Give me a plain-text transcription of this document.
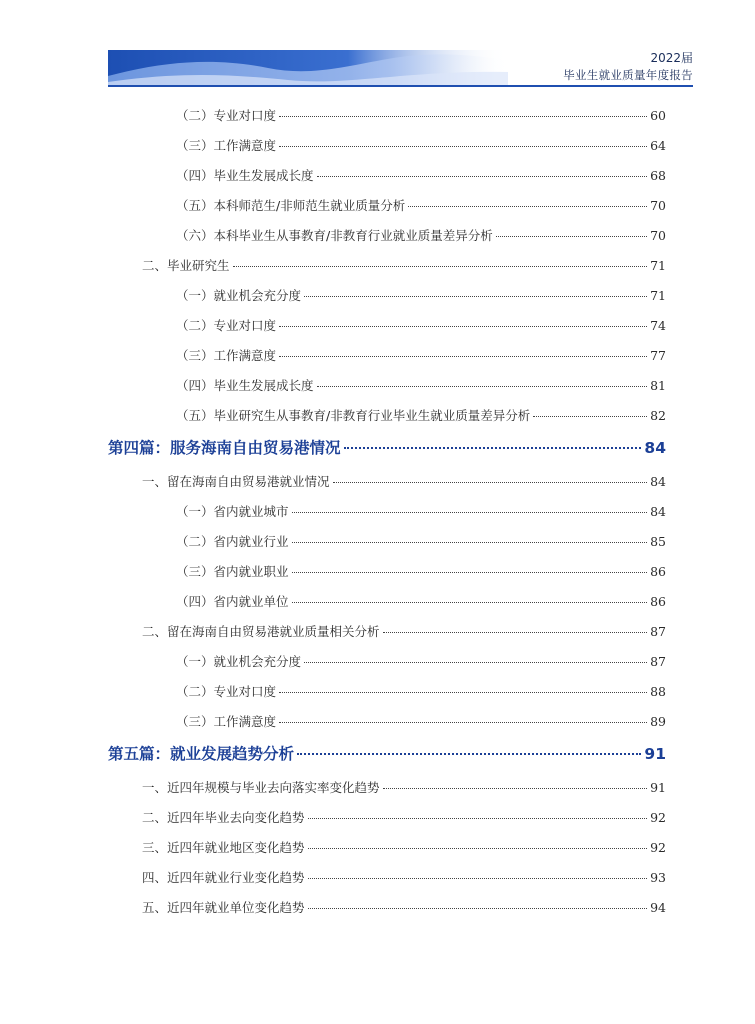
2022届
毕业生就业质量年度报告
（二）专业对口度	60
（三）工作满意度	64
（四）毕业生发展成长度	68
（五）本科师范生/非师范生就业质量分析	70
（六）本科毕业生从事教育/非教育行业就业质量差异分析	70
二、毕业研究生	71
（一）就业机会充分度	71
（二）专业对口度	74
（三）工作满意度	77
（四）毕业生发展成长度	81
（五）毕业研究生从事教育/非教育行业毕业生就业质量差异分析	82
第四篇：服务海南自由贸易港情况	84
一、留在海南自由贸易港就业情况	84
（一）省内就业城市	84
（二）省内就业行业	85
（三）省内就业职业	86
（四）省内就业单位	86
二、留在海南自由贸易港就业质量相关分析	87
（一）就业机会充分度	87
（二）专业对口度	88
（三）工作满意度	89
第五篇：就业发展趋势分析	91
一、近四年规模与毕业去向落实率变化趋势	91
二、近四年毕业去向变化趋势	92
三、近四年就业地区变化趋势	92
四、近四年就业行业变化趋势	93
五、近四年就业单位变化趋势	94
